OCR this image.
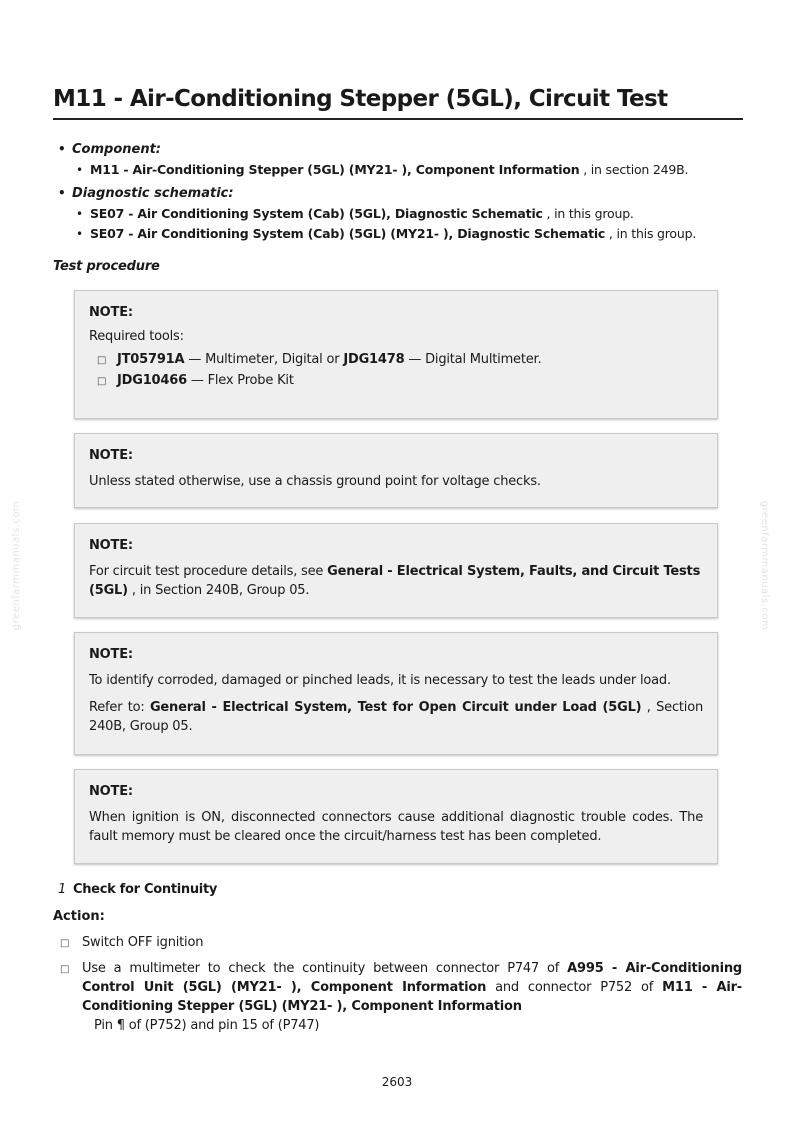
greenfarmmanuals.com	greenfarmmanuals.com
M11 - Air-Conditioning Stepper (5GL), Circuit Test
• Component:
• M11 - Air-Conditioning Stepper (5GL) (MY21- ), Component Information , in section 249B.
• Diagnostic schematic:
• SE07 - Air Conditioning System (Cab) (5GL), Diagnostic Schematic , in this group.
• SE07 - Air Conditioning System (Cab) (5GL) (MY21- ), Diagnostic Schematic , in this group.
Test procedure
NOTE:
Required tools:
□ JT05791A — Multimeter, Digital or JDG1478 — Digital Multimeter.
□ JDG10466 — Flex Probe Kit
NOTE:

Unless stated otherwise, use a chassis ground point for voltage checks.

NOTE:

For circuit test procedure details, see General - Electrical System, Faults, and Circuit Tests (5GL) , in Section 240B, Group 05.

NOTE:

To identify corroded, damaged or pinched leads, it is necessary to test the leads under load.

Refer to: General - Electrical System, Test for Open Circuit under Load (5GL) , Section 240B, Group 05.

NOTE:

When ignition is ON, disconnected connectors cause additional diagnostic trouble codes. The fault memory must be cleared once the circuit/harness test has been completed.

1 Check for Continuity
Action:
□ Switch OFF ignition
□ Use a multimeter to check the continuity between connector P747 of A995 - Air-Conditioning Control Unit (5GL) (MY21- ), Component Information and connector P752 of M11 - Air-Conditioning Stepper (5GL) (MY21- ), Component Information
Pin ¶ of (P752) and pin 15 of (P747)
2603
